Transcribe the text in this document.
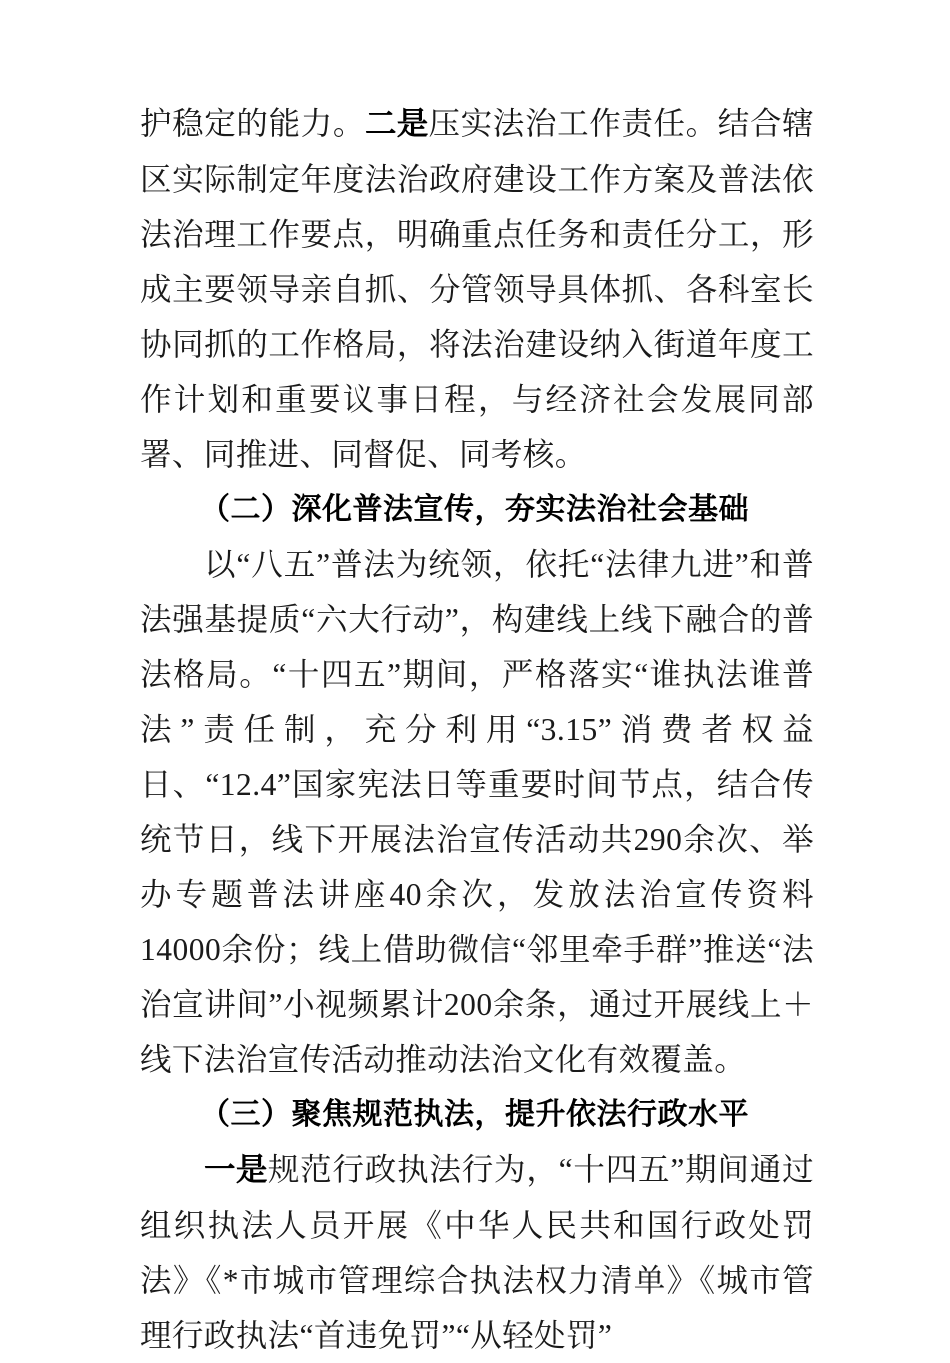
护稳定的能力。二是压实法治工作责任。结合辖区实际制定年度法治政府建设工作方案及普法依法治理工作要点，明确重点任务和责任分工，形成主要领导亲自抓、分管领导具体抓、各科室长协同抓的工作格局，将法治建设纳入街道年度工作计划和重要议事日程，与经济社会发展同部署、同推进、同督促、同考核。

（二）深化普法宣传，夯实法治社会基础

以“八五”普法为统领，依托“法律九进”和普法强基提质“六大行动”，构建线上线下融合的普法格局。“十四五”期间，严格落实“谁执法谁普法”责任制，充分利用“3.15”消费者权益日、“12.4”国家宪法日等重要时间节点，结合传统节日，线下开展法治宣传活动共290余次、举办专题普法讲座40余次，发放法治宣传资料14000余份；线上借助微信“邻里牵手群”推送“法治宣讲间”小视频累计200余条，通过开展线上＋线下法治宣传活动推动法治文化有效覆盖。

（三）聚焦规范执法，提升依法行政水平

一是规范行政执法行为，“十四五”期间通过组织执法人员开展《中华人民共和国行政处罚法》《*市城市管理综合执法权力清单》《城市管理行政执法“首违免罚”“从轻处罚”
